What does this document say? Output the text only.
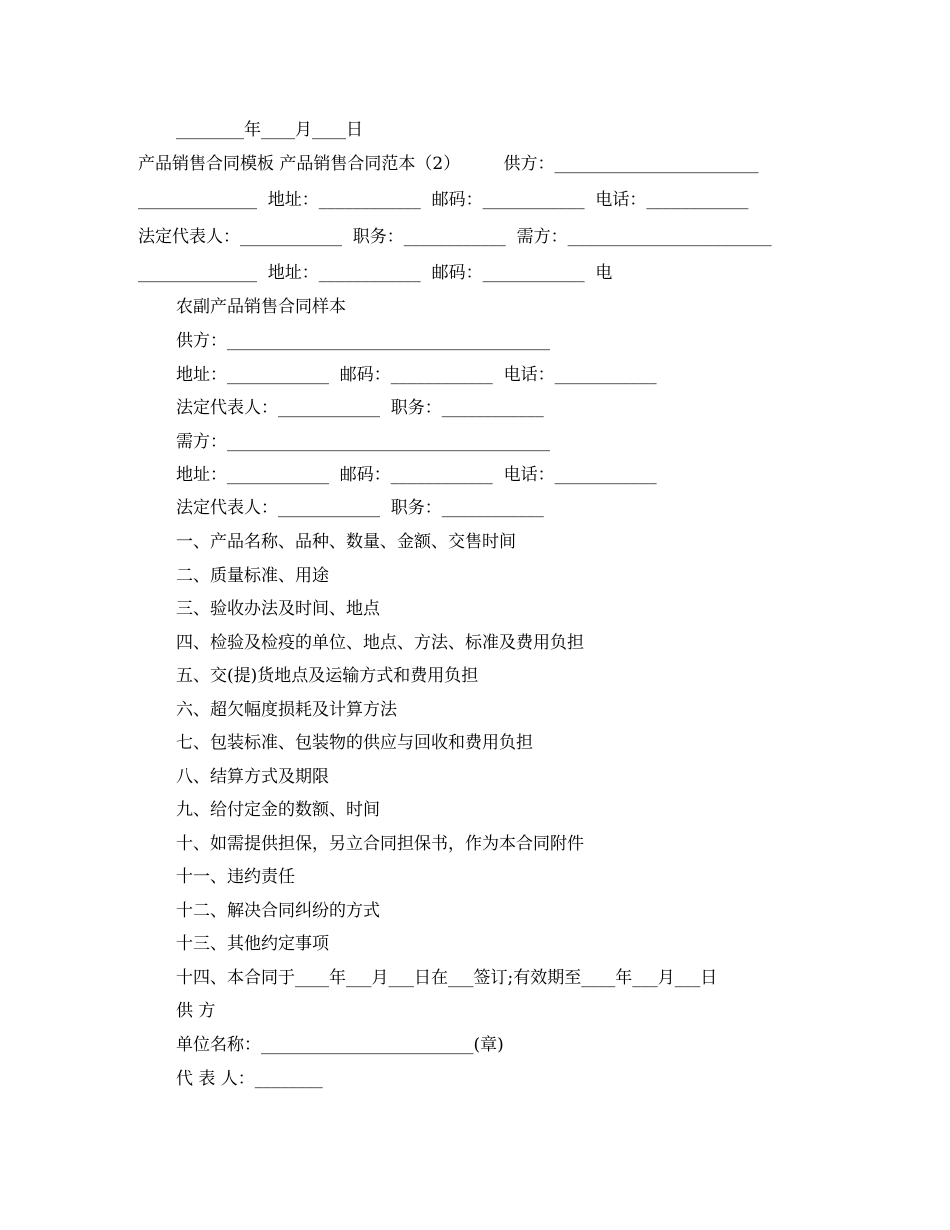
________年____月____日
产品销售合同模板 产品销售合同范本（2）        供方：________________________
______________  地址：____________  邮码：____________  电话：____________
法定代表人：____________  职务：____________  需方：________________________
______________  地址：____________  邮码：____________  电
农副产品销售合同样本
供方：______________________________________
地址：____________  邮码：____________  电话：____________
法定代表人：____________  职务：____________
需方：______________________________________
地址：____________  邮码：____________  电话：____________
法定代表人：____________  职务：____________
一、产品名称、品种、数量、金额、交售时间
二、质量标准、用途
三、验收办法及时间、地点
四、检验及检疫的单位、地点、方法、标准及费用负担
五、交(提)货地点及运输方式和费用负担
六、超欠幅度损耗及计算方法
七、包装标准、包装物的供应与回收和费用负担
八、结算方式及期限
九、给付定金的数额、时间
十、如需提供担保，另立合同担保书，作为本合同附件
十一、违约责任
十二、解决合同纠纷的方式
十三、其他约定事项
十四、本合同于____年___月___日在___签订;有效期至____年___月___日
供 方
单位名称：_________________________(章)
代 表 人：________
